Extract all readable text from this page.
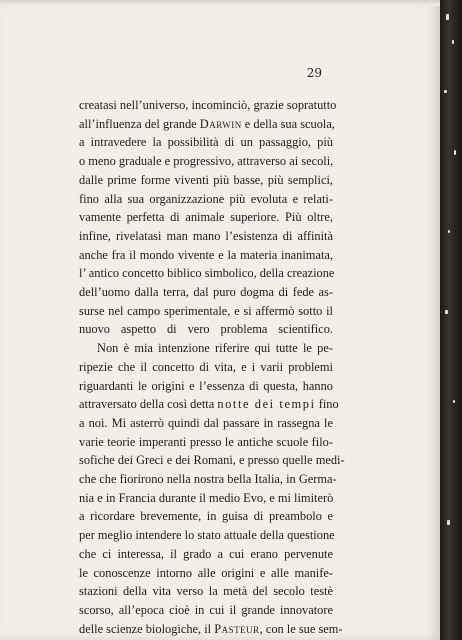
29
creatasi nell’universo, incominciò, grazie sopratutto
all’influenza del grande Darwin e della sua scuola,
a intravedere la possibilità di un passaggio, più
o meno graduale e progressivo, attraverso ai secoli,
dalle prime forme viventi più basse, più semplici,
fino alla sua organizzazione più evoluta e relati-
vamente perfetta di animale superiore. Più oltre,
infine, rivelatasi man mano l’esistenza di affinità
anche fra il mondo vivente e la materia inanimata,
l’ antico concetto biblico simbolico, della creazione
dell’uomo dalla terra, dal puro dogma di fede as-
surse nel campo sperimentale, e si affermò sotto il
nuovo aspetto di vero problema scientifico.
Non è mia intenzione riferire qui tutte le pe-
ripezie che il concetto di vita, e i varii problemi
riguardanti le origini e l’essenza di questa, hanno
attraversato della così detta notte dei tempi fino
a noi. Mi asterrò quindi dal passare in rassegna le
varie teorie imperanti presso le antiche scuole filo-
sofiche dei Greci e dei Romani, e presso quelle medi-
che che fiorirono nella nostra bella Italia, in Germa-
nia e in Francia durante il medio Evo, e mi limiterò
a ricordare brevemente, in guisa di preambolo e
per meglio intendere lo stato attuale della questione
che ci interessa, il grado a cui erano pervenute
le conoscenze intorno alle origini e alle manife-
stazioni della vita verso la metà del secolo testè
scorso, all’epoca cioè in cui il grande innovatore
delle scienze biologiche, il Pasteur, con le sue sem-
